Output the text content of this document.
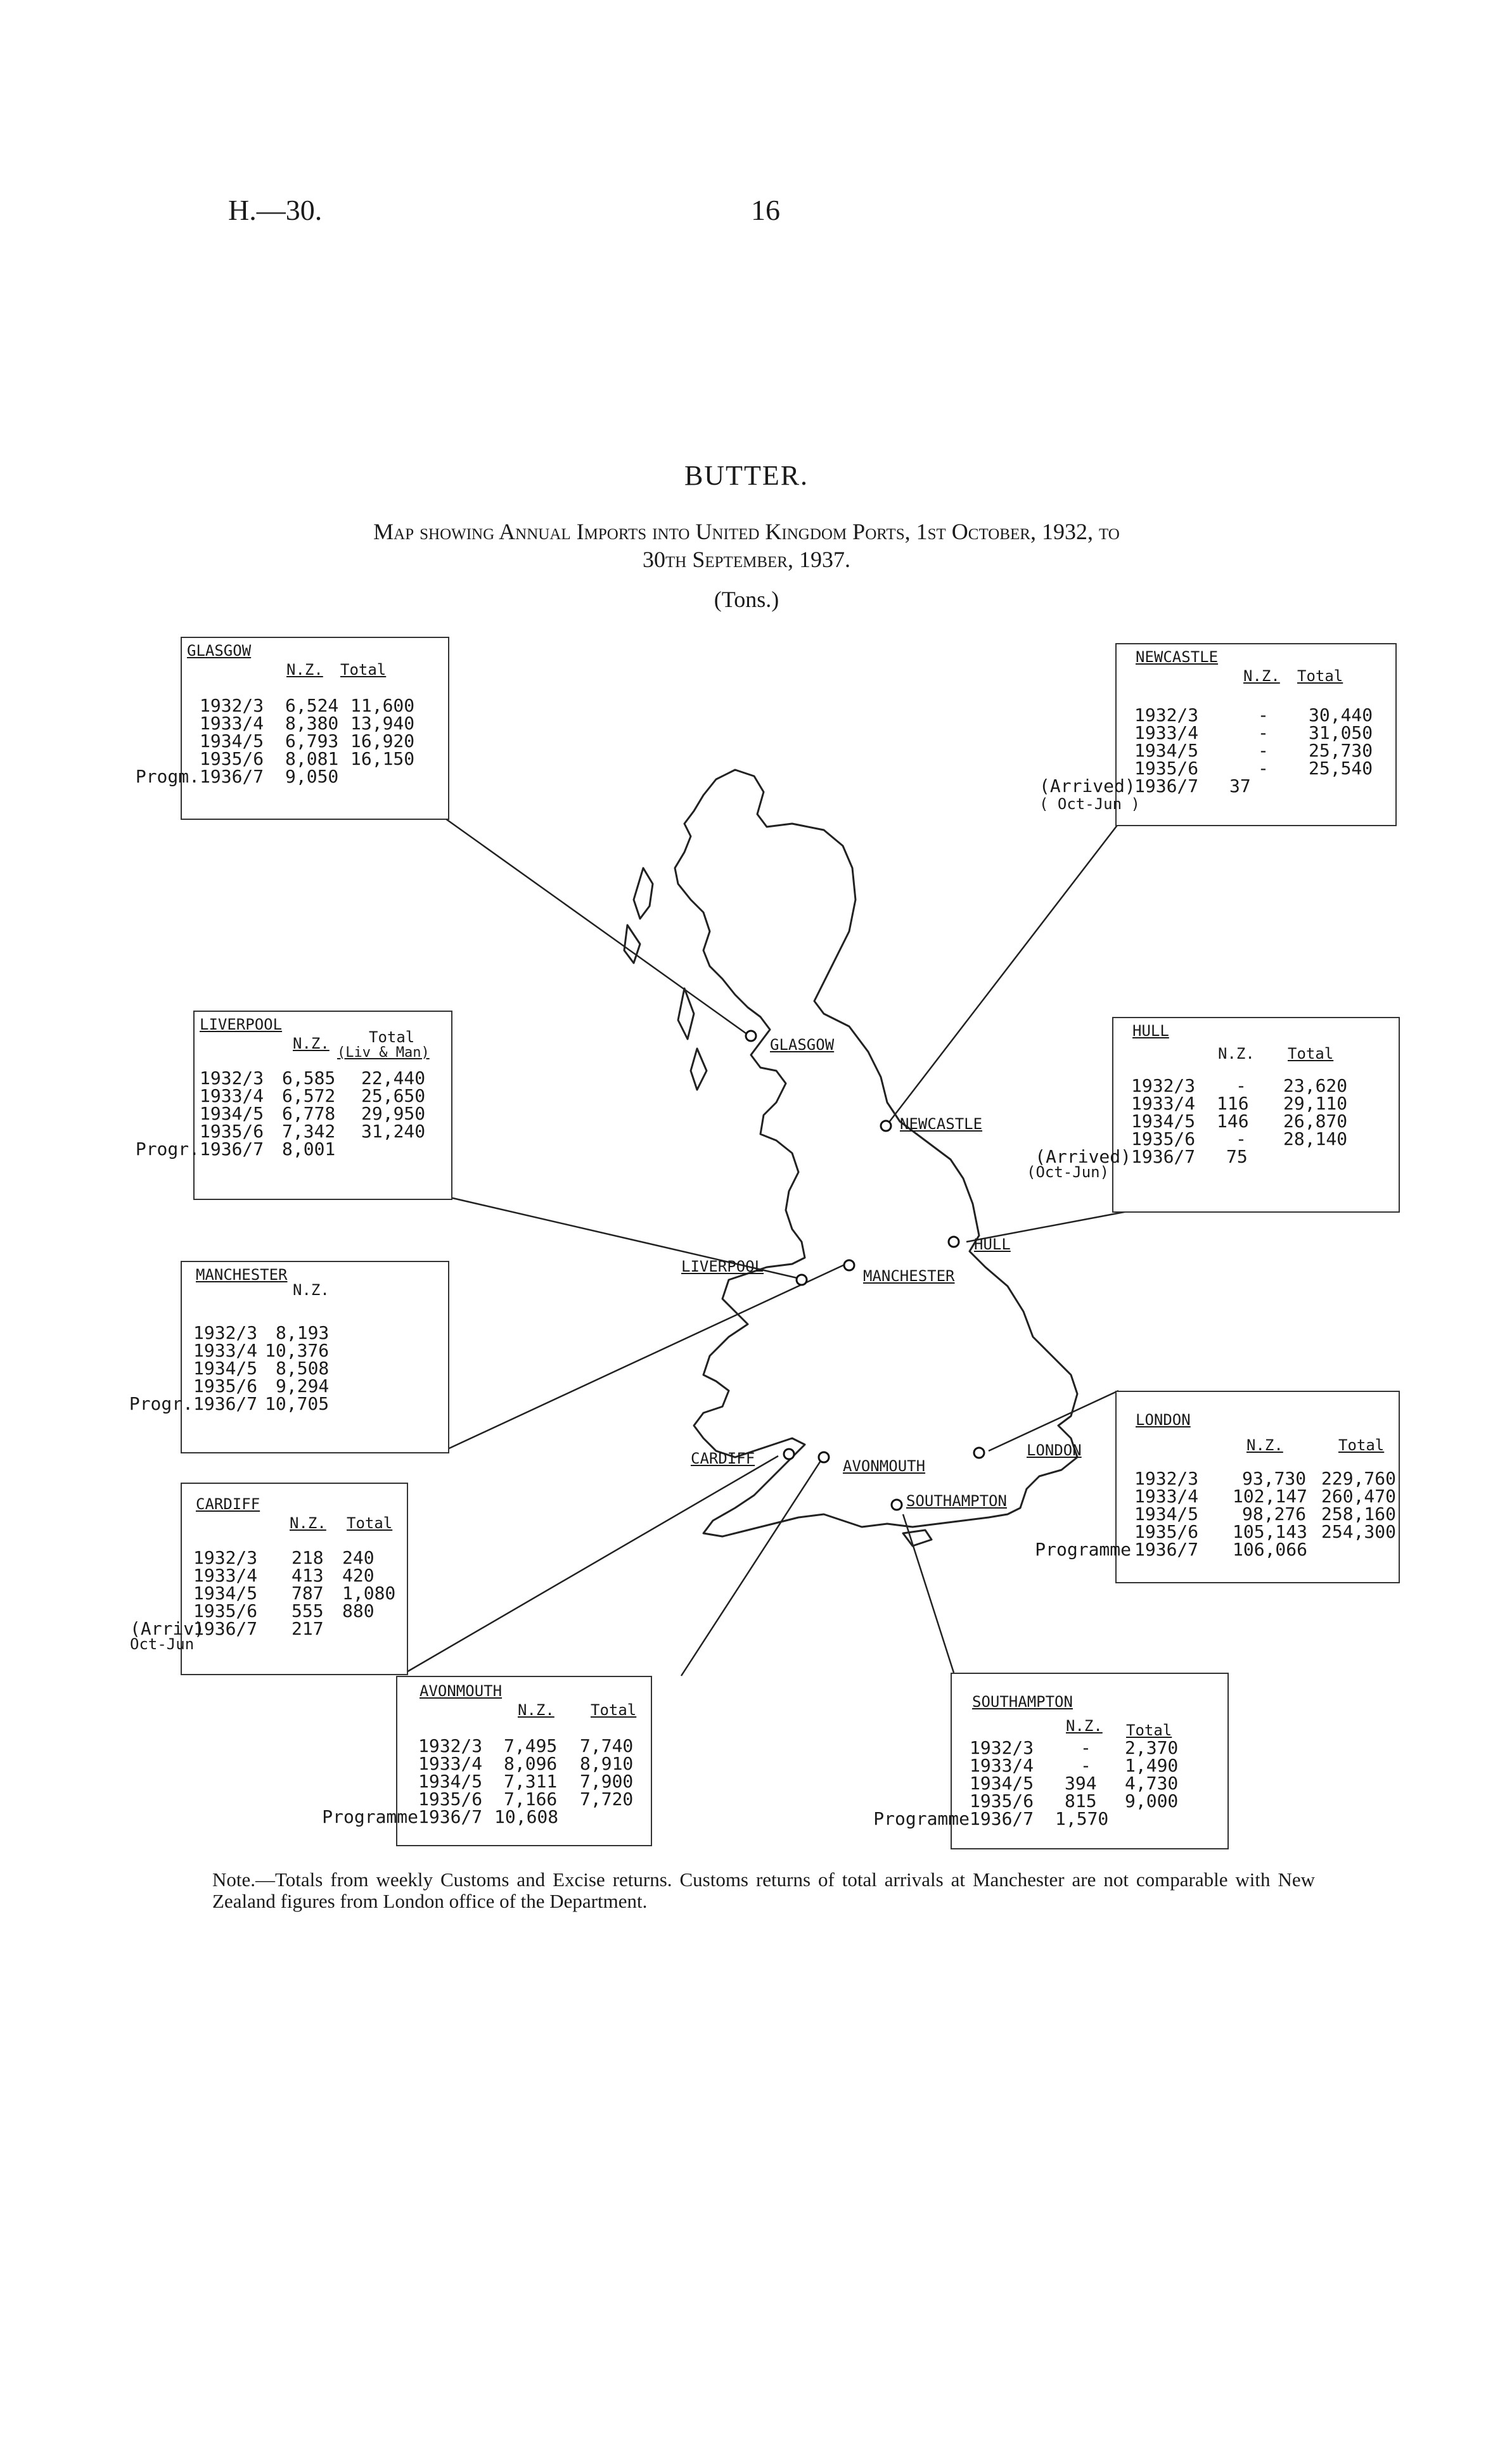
H.—30.	16
BUTTER.
Map showing Annual Imports into United Kingdom Ports, 1st October, 1932, to
30th September, 1937.
(Tons.)
GLASGOW
NEWCASTLE
LIVERPOOL
MANCHESTER
HULL
CARDIFF	AVONMOUTH
LONDON
SOUTHAMPTON
GLASGOW
N.Z. Total
1932/3 6,524 11,600
1933/4 8,380 13,940
1934/5 6,793 16,920
1935/6 8,081 16,150
Progm. 1936/7 9,050
NEWCASTLE
N.Z. Total
1932/3	- 30,440
1933/4	- 31,050
1934/5	- 25,730
1935/6	- 25,540
(Arrived)
1936/7 37
( Oct-Jun )
LIVERPOOL
N.Z.	Total
(Liv & Man)
1932/3 6,585 22,440
1933/4 6,572 25,650
1934/5 6,778 29,950
1935/6 7,342 31,240
Progr. 1936/7 8,001
HULL
N.Z. Total
1932/3 - 23,620
1933/4 116 29,110
1934/5 146 26,870
1935/6 - 28,140
(Arrived) 1936/7 75
(Oct-Jun)
MANCHESTER
N.Z.
1932/3 8,193
1933/4 10,376
1934/5 8,508
1935/6 9,294
Progr. 1936/7 10,705
CARDIFF
N.Z. Total
1932/3 218 240
1933/4 413 420
1934/5 787 1,080
1935/6 555 880
(Arriv)
1936/7 217
Oct-Jun
LONDON
N.Z.	Total
1932/3 93,730 229,760
1933/4 102,147 260,470
1934/5 98,276 258,160
1935/6 105,143 254,300
Programme 1936/7 106,066
AVONMOUTH
N.Z. Total
1932/3 7,495 7,740
1933/4 8,096 8,910
1934/5 7,311 7,900
1935/6 7,166 7,720
Programme 1936/7 10,608
SOUTHAMPTON
N.Z. Total
1932/3	- 2,370
1933/4	- 1,490
1934/5 394 4,730
1935/6 815 9,000
Programme 1936/7 1,570
Note.—Totals from weekly Customs and Excise returns. Customs returns of total arrivals at Manchester are not comparable with New Zealand figures from London office of the Department.
